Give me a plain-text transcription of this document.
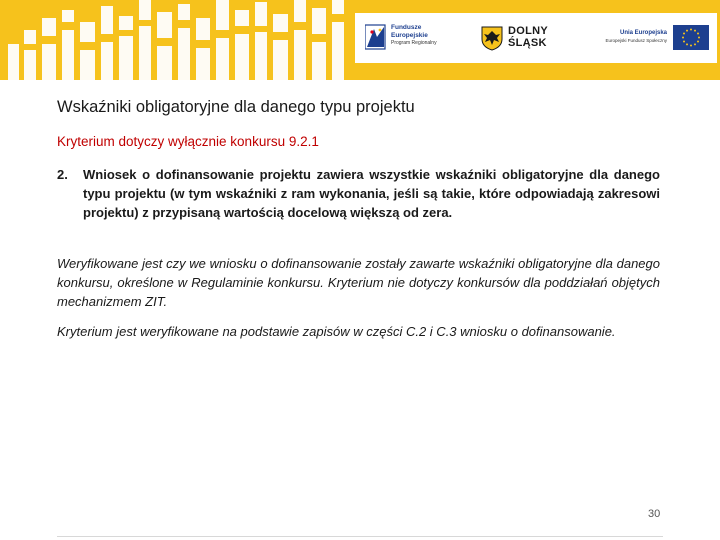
Fundusze
Europejskie
Program Regionalny
DOLNY
ŚLĄSK
Unia Europejska
Europejski Fundusz Społeczny
Wskaźniki obligatoryjne dla danego typu projektu
Kryterium dotyczy wyłącznie konkursu 9.2.1
2. Wniosek o dofinansowanie projektu zawiera wszystkie wskaźniki obligatoryjne dla danego typu projektu (w tym wskaźniki z ram wykonania, jeśli są takie, które odpowiadają zakresowi projektu) z przypisaną wartością docelową większą od zera.
Weryfikowane jest czy we wniosku o dofinansowanie zostały zawarte wskaźniki obligatoryjne dla danego konkursu, określone w Regulaminie konkursu. Kryterium nie dotyczy konkursów dla poddziałań objętych mechanizmem ZIT.
Kryterium jest weryfikowane na podstawie zapisów w części C.2 i C.3 wniosku o dofinansowanie.
30
